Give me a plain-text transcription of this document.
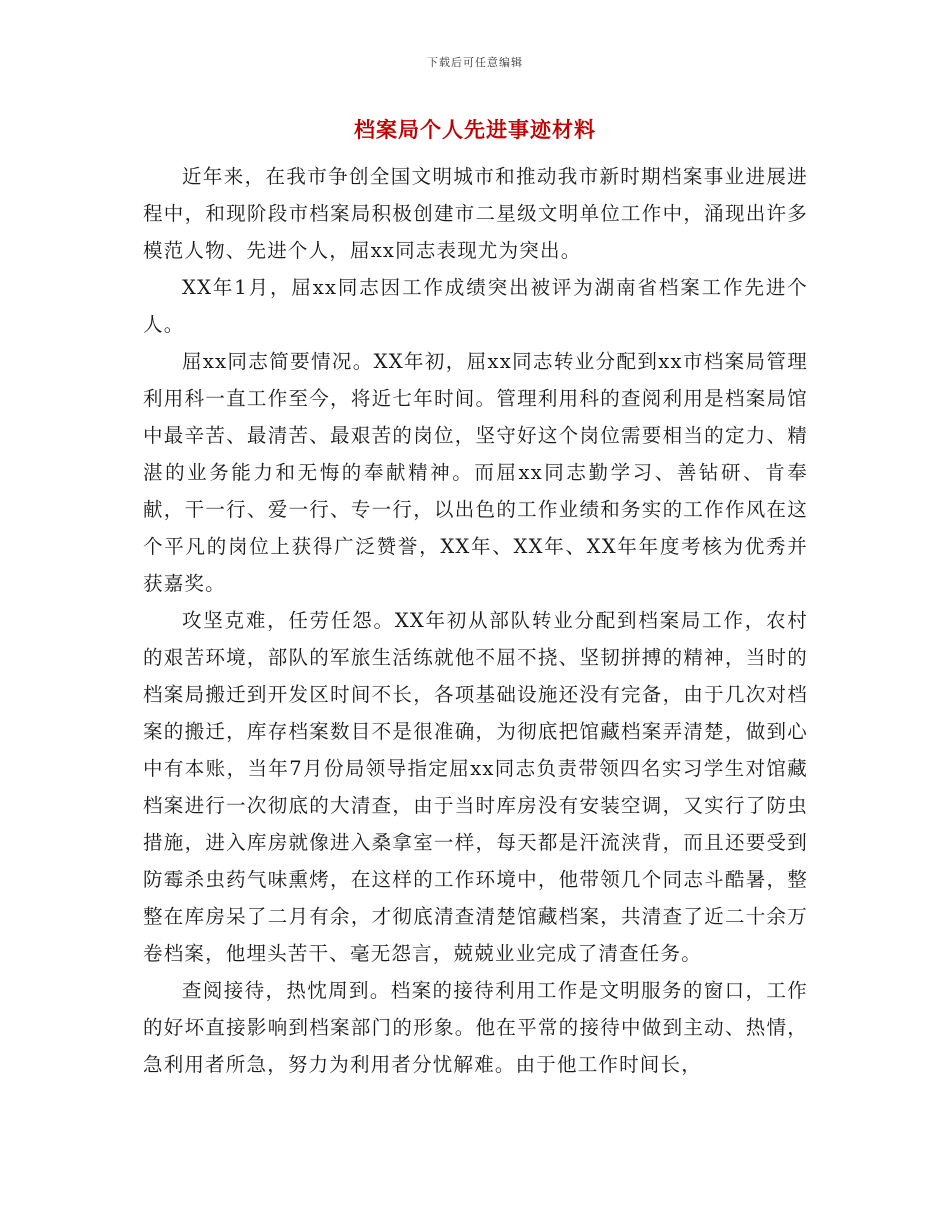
下载后可任意编辑
档案局个人先进事迹材料

近年来，在我市争创全国文明城市和推动我市新时期档案事业进展进程中，和现阶段市档案局积极创建市二星级文明单位工作中，涌现出许多模范人物、先进个人，屈xx同志表现尤为突出。

XX年1月，屈xx同志因工作成绩突出被评为湖南省档案工作先进个人。

屈xx同志简要情况。XX年初，屈xx同志转业分配到xx市档案局管理利用科一直工作至今，将近七年时间。管理利用科的查阅利用是档案局馆中最辛苦、最清苦、最艰苦的岗位，坚守好这个岗位需要相当的定力、精湛的业务能力和无悔的奉献精神。而屈xx同志勤学习、善钻研、肯奉献，干一行、爱一行、专一行，以出色的工作业绩和务实的工作作风在这个平凡的岗位上获得广泛赞誉，XX年、XX年、XX年年度考核为优秀并获嘉奖。

攻坚克难，任劳任怨。XX年初从部队转业分配到档案局工作，农村的艰苦环境，部队的军旅生活练就他不屈不挠、坚韧拼搏的精神，当时的档案局搬迁到开发区时间不长，各项基础设施还没有完备，由于几次对档案的搬迁，库存档案数目不是很准确，为彻底把馆藏档案弄清楚，做到心中有本账，当年7月份局领导指定屈xx同志负责带领四名实习学生对馆藏档案进行一次彻底的大清查，由于当时库房没有安装空调，又实行了防虫措施，进入库房就像进入桑拿室一样，每天都是汗流浃背，而且还要受到防霉杀虫药气味熏烤，在这样的工作环境中，他带领几个同志斗酷暑，整整在库房呆了二月有余，才彻底清查清楚馆藏档案，共清查了近二十余万卷档案，他埋头苦干、毫无怨言，兢兢业业完成了清查任务。

查阅接待，热忱周到。档案的接待利用工作是文明服务的窗口，工作的好坏直接影响到档案部门的形象。他在平常的接待中做到主动、热情，急利用者所急，努力为利用者分忧解难。由于他工作时间长，
